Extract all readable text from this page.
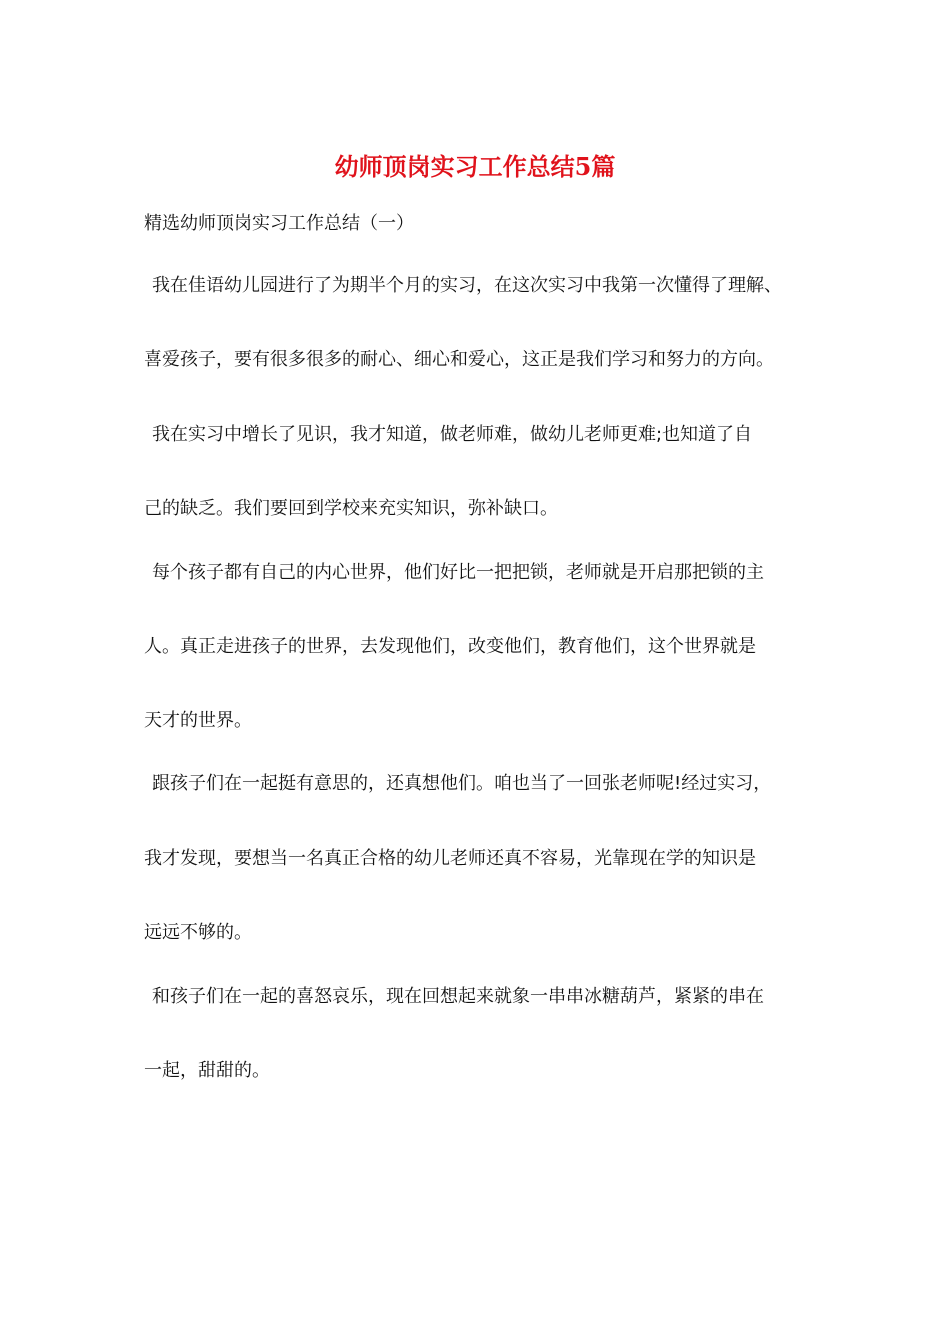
幼师顶岗实习工作总结5篇
精选幼师顶岗实习工作总结（一）
我在佳语幼儿园进行了为期半个月的实习，在这次实习中我第一次懂得了理解、
喜爱孩子，要有很多很多的耐心、细心和爱心，这正是我们学习和努力的方向。
我在实习中增长了见识，我才知道，做老师难，做幼儿老师更难;也知道了自
己的缺乏。我们要回到学校来充实知识，弥补缺口。
每个孩子都有自己的内心世界，他们好比一把把锁，老师就是开启那把锁的主
人。真正走进孩子的世界，去发现他们，改变他们，教育他们，这个世界就是
天才的世界。
跟孩子们在一起挺有意思的，还真想他们。咱也当了一回张老师呢!经过实习，
我才发现，要想当一名真正合格的幼儿老师还真不容易，光靠现在学的知识是
远远不够的。
和孩子们在一起的喜怒哀乐，现在回想起来就象一串串冰糖葫芦，紧紧的串在
一起，甜甜的。
